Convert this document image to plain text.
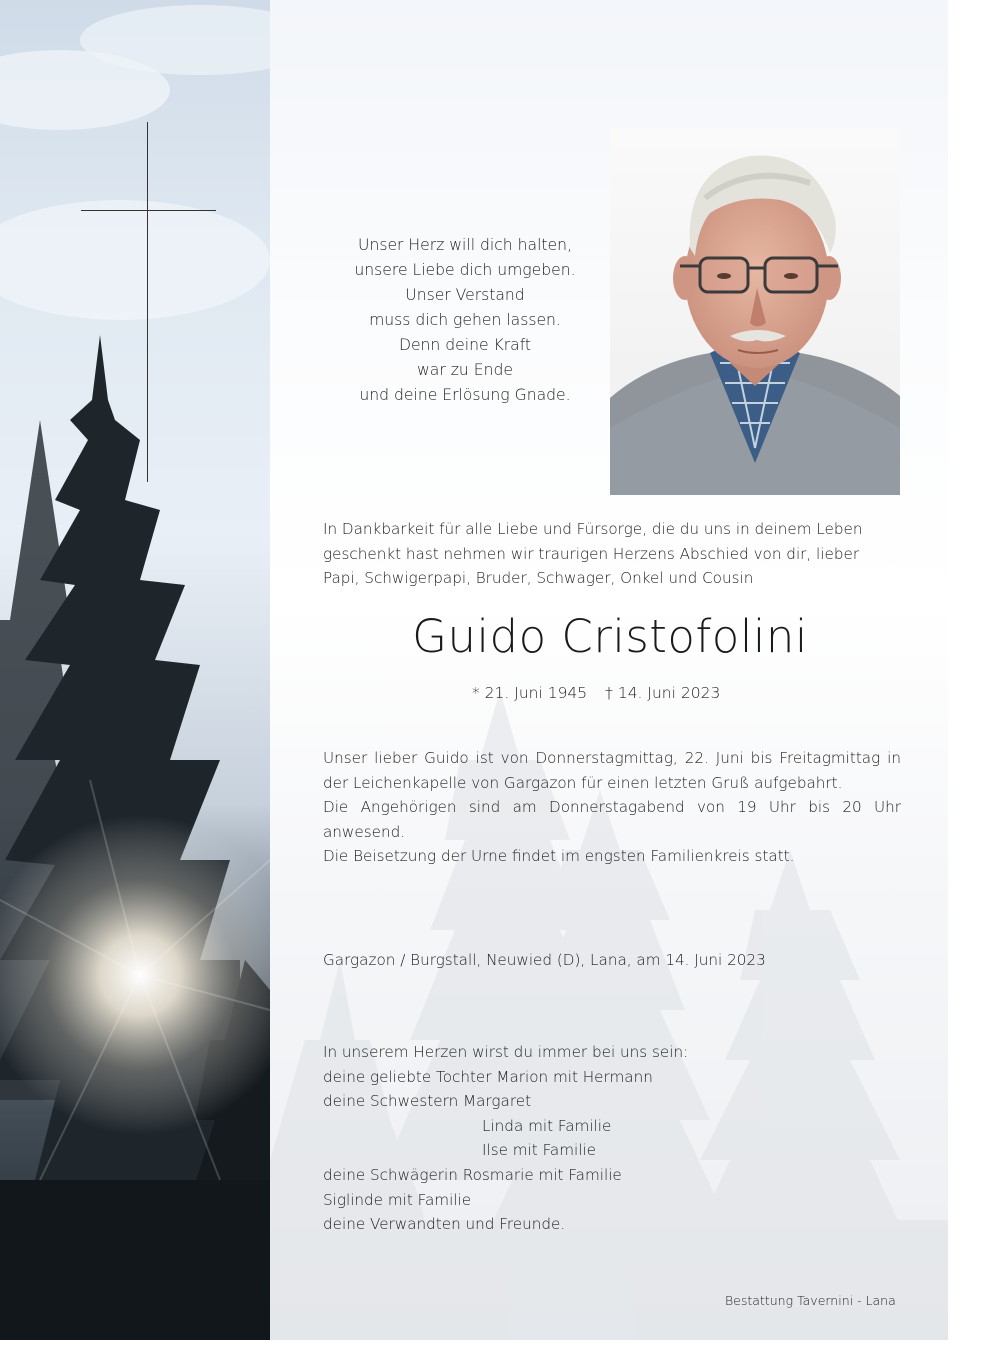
Unser Herz will dich halten,
unsere Liebe dich umgeben.
Unser Verstand
muss dich gehen lassen.
Denn deine Kraft
war zu Ende
und deine Erlösung Gnade.
In Dankbarkeit für alle Liebe und Fürsorge, die du uns in deinem Leben
geschenkt hast nehmen wir traurigen Herzens Abschied von dir, lieber
Papi, Schwigerpapi, Bruder, Schwager, Onkel und Cousin
Guido Cristofolini
* 21. Juni 1945 † 14. Juni 2023

Unser lieber Guido ist von Donnerstagmittag, 22. Juni bis Freitagmittag in der Leichenkapelle von Gargazon für einen letzten Gruß aufgebahrt.

Die Angehörigen sind am Donnerstagabend von 19 Uhr bis 20 Uhr anwesend.

Die Beisetzung der Urne findet im engsten Familienkreis statt.

Gargazon / Burgstall, Neuwied (D), Lana, am 14. Juni 2023
In unserem Herzen wirst du immer bei uns sein:
deine geliebte Tochter Marion mit Hermann
deine Schwestern Margaret
Linda mit Familie
Ilse mit Familie
deine Schwägerin Rosmarie mit Familie
Siglinde mit Familie
deine Verwandten und Freunde.
Bestattung Tavernini - Lana
